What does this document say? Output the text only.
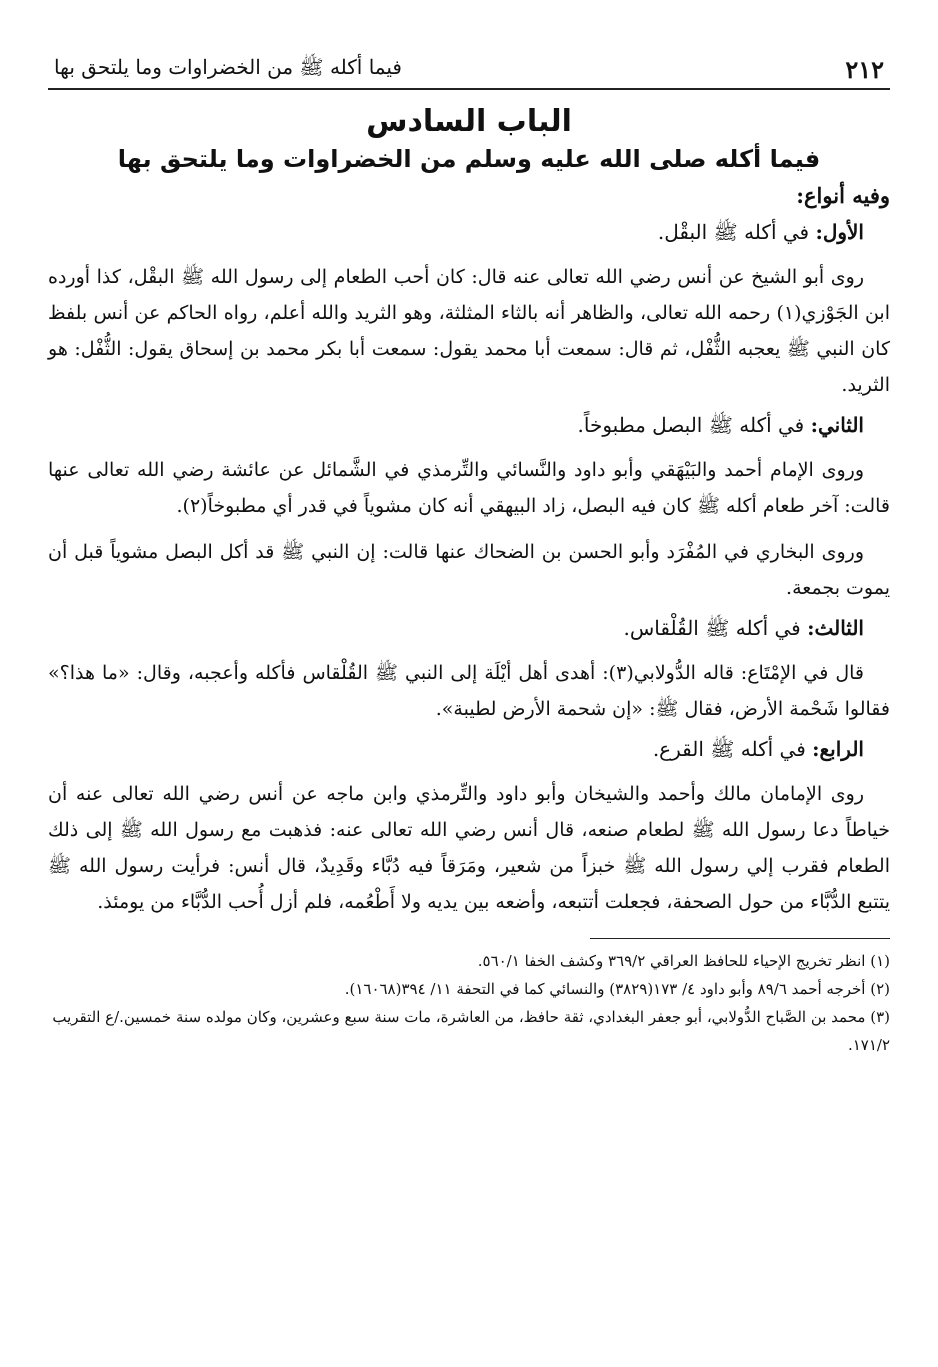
٢١٢
فيما أكله ﷺ من الخضراوات وما يلتحق بها
الباب السادس
فيما أكله صلى الله عليه وسلم من الخضراوات وما يلتحق بها
وفيه أنواع:
الأول: في أكله ﷺ البقْل.

روى أبو الشيخ عن أنس رضي الله تعالى عنه قال: كان أحب الطعام إلى رسول الله ﷺ البقْل، كذا أورده ابن الجَوْزي(١) رحمه الله تعالى، والظاهر أنه بالثاء المثلثة، وهو الثريد والله أعلم، رواه الحاكم عن أنس بلفظ كان النبي ﷺ يعجبه الثُّفْل، ثم قال: سمعت أبا محمد يقول: سمعت أبا بكر محمد بن إسحاق يقول: الثُّفْل: هو الثريد.

الثاني: في أكله ﷺ البصل مطبوخاً.

وروى الإمام أحمد والبَيْهَقي وأبو داود والنَّسائي والتِّرمذي في الشَّمائل عن عائشة رضي الله تعالى عنها قالت: آخر طعام أكله ﷺ كان فيه البصل، زاد البيهقي أنه كان مشوياً في قدر أي مطبوخاً(٢).

وروى البخاري في المُفْرَد وأبو الحسن بن الضحاك عنها قالت: إن النبي ﷺ قد أكل البصل مشوياً قبل أن يموت بجمعة.

الثالث: في أكله ﷺ القُلْقاس.

قال في الإمْتَاع: قاله الدُّولابي(٣): أهدى أهل أيْلَة إلى النبي ﷺ القُلْقاس فأكله وأعجبه، وقال: «ما هذا؟» فقالوا شَحْمة الأرض، فقال ﷺ: «إن شحمة الأرض لطيبة».

الرابع: في أكله ﷺ القرع.

روى الإمامان مالك وأحمد والشيخان وأبو داود والتِّرمذي وابن ماجه عن أنس رضي الله تعالى عنه أن خياطاً دعا رسول الله ﷺ لطعام صنعه، قال أنس رضي الله تعالى عنه: فذهبت مع رسول الله ﷺ إلى ذلك الطعام فقرب إلي رسول الله ﷺ خبزاً من شعير، ومَرَقاً فيه دُبَّاء وقَدِيدٌ، قال أنس: فرأيت رسول الله ﷺ يتتبع الدُّبَّاء من حول الصحفة، فجعلت أتتبعه، وأضعه بين يديه ولا أَطْعُمه، فلم أزل أُحب الدُّبَّاء من يومئذ.

(١) انظر تخريج الإحياء للحافظ العراقي ٣٦٩/٢ وكشف الخفا ٥٦٠/١.

(٢) أخرجه أحمد ٨٩/٦ وأبو داود ٤/ ١٧٣(٣٨٢٩) والنسائي كما في التحفة ١١/ ٣٩٤(١٦٠٦٨).

(٣) محمد بن الصَّباح الدُّولابي، أبو جعفر البغدادي، ثقة حافظ، من العاشرة، مات سنة سبع وعشرين، وكان مولده سنة خمسين./ع التقريب ١٧١/٢.
